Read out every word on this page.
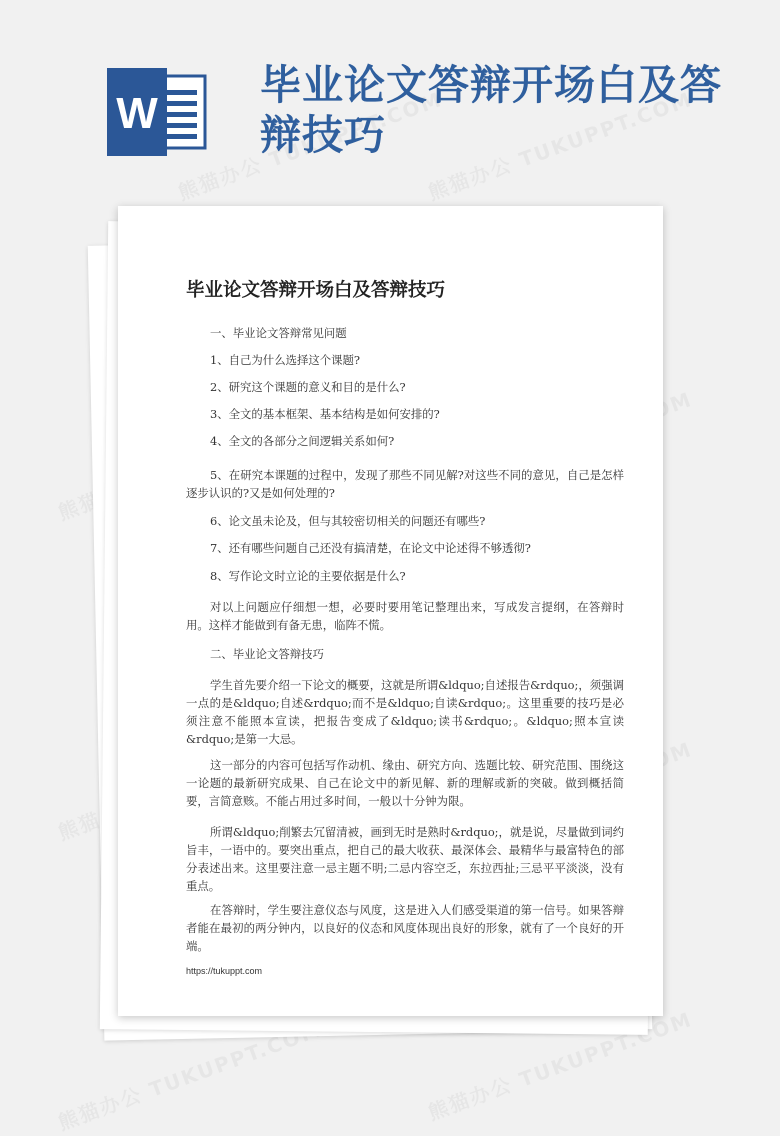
W
毕业论文答辩开场白及答辩技巧
毕业论文答辩开场白及答辩技巧
一、毕业论文答辩常见问题
1、自己为什么选择这个课题?
2、研究这个课题的意义和目的是什么?
3、全文的基本框架、基本结构是如何安排的?
4、全文的各部分之间逻辑关系如何?
5、在研究本课题的过程中，发现了那些不同见解?对这些不同的意见，自己是怎样逐步认识的?又是如何处理的?
6、论文虽未论及，但与其较密切相关的问题还有哪些?
7、还有哪些问题自己还没有搞清楚，在论文中论述得不够透彻?
8、写作论文时立论的主要依据是什么?
对以上问题应仔细想一想，必要时要用笔记整理出来，写成发言提纲，在答辩时用。这样才能做到有备无患，临阵不慌。
二、毕业论文答辩技巧
学生首先要介绍一下论文的概要，这就是所谓&ldquo;自述报告&rdquo;，须强调一点的是&ldquo;自述&rdquo;而不是&ldquo;自读&rdquo;。这里重要的技巧是必须注意不能照本宣读，把报告变成了&ldquo;读书&rdquo;。&ldquo;照本宣读&rdquo;是第一大忌。
这一部分的内容可包括写作动机、缘由、研究方向、选题比较、研究范围、围绕这一论题的最新研究成果、自己在论文中的新见解、新的理解或新的突破。做到概括简要，言简意赅。不能占用过多时间，一般以十分钟为限。
所谓&ldquo;削繁去冗留清被，画到无时是熟时&rdquo;，就是说，尽量做到词约旨丰，一语中的。要突出重点，把自己的最大收获、最深体会、最精华与最富特色的部分表述出来。这里要注意一忌主题不明;二忌内容空乏，东拉西扯;三忌平平淡淡，没有重点。
在答辩时，学生要注意仪态与风度，这是进入人们感受渠道的第一信号。如果答辩者能在最初的两分钟内，以良好的仪态和风度体现出良好的形象，就有了一个良好的开端。
https://tukuppt.com
